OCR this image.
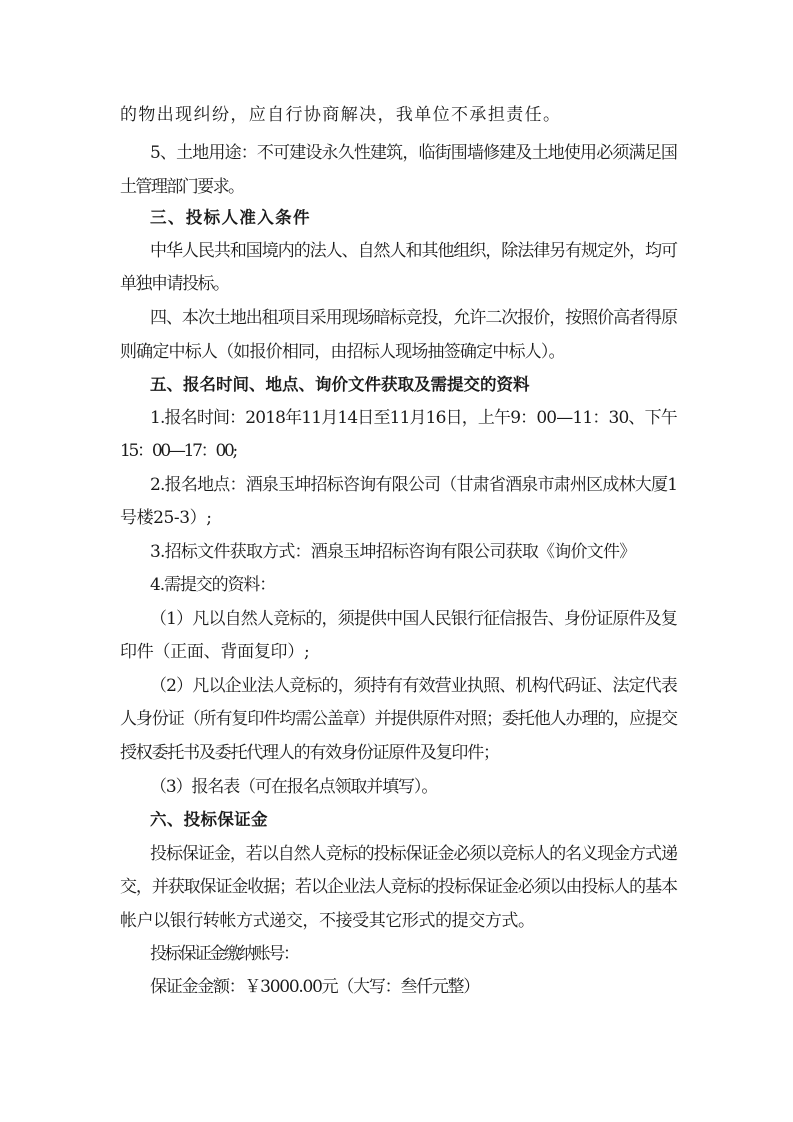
的物出现纠纷，应自行协商解决，我单位不承担责任。

5、土地用途：不可建设永久性建筑，临街围墙修建及土地使用必须满足国

土管理部门要求。

三、投标人准入条件

中华人民共和国境内的法人、自然人和其他组织，除法律另有规定外，均可

单独申请投标。

四、本次土地出租项目采用现场暗标竞投，允许二次报价，按照价高者得原

则确定中标人（如报价相同，由招标人现场抽签确定中标人）。

五、报名时间、地点、询价文件获取及需提交的资料

1.报名时间：2018年11月14日至11月16日，上午9：00—11：30、下午

15：00—17：00;

2.报名地点：酒泉玉坤招标咨询有限公司（甘肃省酒泉市肃州区成林大厦1

号楼25-3）;

3.招标文件获取方式：酒泉玉坤招标咨询有限公司获取《询价文件》

4.需提交的资料：

（1）凡以自然人竞标的，须提供中国人民银行征信报告、身份证原件及复

印件（正面、背面复印）;

（2）凡以企业法人竞标的，须持有有效营业执照、机构代码证、法定代表

人身份证（所有复印件均需公盖章）并提供原件对照；委托他人办理的，应提交

授权委托书及委托代理人的有效身份证原件及复印件；

（3）报名表（可在报名点领取并填写）。

六、投标保证金

投标保证金，若以自然人竞标的投标保证金必须以竞标人的名义现金方式递

交，并获取保证金收据；若以企业法人竞标的投标保证金必须以由投标人的基本

帐户以银行转帐方式递交，不接受其它形式的提交方式。

投标保证金缴纳账号：

保证金金额：￥3000.00元（大写：叁仟元整）
